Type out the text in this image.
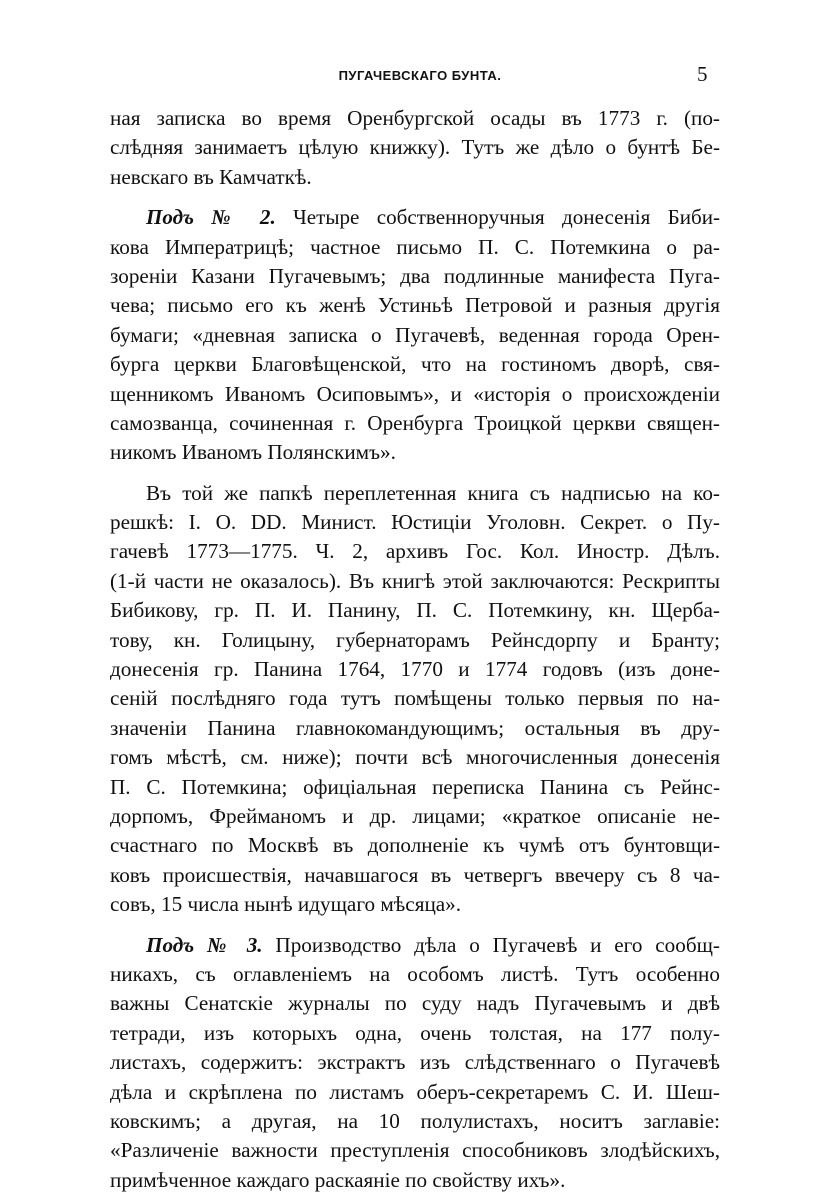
ПУГАЧЕВСКАГО БУНТА.	5
ная записка во время Оренбургской осады въ 1773 г. (по-
слѣдняя занимаетъ цѣлую книжку). Тутъ же дѣло о бунтѣ Бе-
невскаго въ Камчаткѣ.
Подъ № 2. Четыре собственноручныя донесенія Биби-
кова Императрицѣ; частное письмо П. С. Потемкина о ра-
зореніи Казани Пугачевымъ; два подлинные манифеста Пуга-
чева; письмо его къ женѣ Устиньѣ Петровой и разныя другія
бумаги; «дневная записка о Пугачевѣ, веденная города Орен-
бурга церкви Благовѣщенской, что на гостиномъ дворѣ, свя-
щенникомъ Иваномъ Осиповымъ», и «исторія о происхожденіи
самозванца, сочиненная г. Оренбурга Троицкой церкви священ-
никомъ Иваномъ Полянскимъ».
Въ той же папкѣ переплетенная книга съ надписью на ко-
решкѣ: I. O. DD. Минист. Юстиціи Уголовн. Секрет. о Пу-
гачевѣ 1773—1775. Ч. 2, архивъ Гос. Кол. Иностр. Дѣлъ.
(1-й части не оказалось). Въ книгѣ этой заключаются: Рескрипты
Бибикову, гр. П. И. Панину, П. С. Потемкину, кн. Щерба-
тову, кн. Голицыну, губернаторамъ Рейнсдорпу и Бранту;
донесенія гр. Панина 1764, 1770 и 1774 годовъ (изъ доне-
сеній послѣдняго года тутъ помѣщены только первыя по на-
значеніи Панина главнокомандующимъ; остальныя въ дру-
гомъ мѣстѣ, см. ниже); почти всѣ многочисленныя донесенія
П. С. Потемкина; офиціальная переписка Панина съ Рейнс-
дорпомъ, Фрейманомъ и др. лицами; «краткое описаніе не-
счастнаго по Москвѣ въ дополненіе къ чумѣ отъ бунтовщи-
ковъ происшествія, начавшагося въ четвергъ ввечеру съ 8 ча-
совъ, 15 числа нынѣ идущаго мѣсяца».
Подъ № 3. Производство дѣла о Пугачевѣ и его сообщ-
никахъ, съ оглавленіемъ на особомъ листѣ. Тутъ особенно
важны Сенатскіе журналы по суду надъ Пугачевымъ и двѣ
тетради, изъ которыхъ одна, очень толстая, на 177 полу-
листахъ, содержитъ: экстрактъ изъ слѣдственнаго о Пугачевѣ
дѣла и скрѣплена по листамъ оберъ-секретаремъ С. И. Шеш-
ковскимъ; а другая, на 10 полулистахъ, носитъ заглавіе:
«Различеніе важности преступленія способниковъ злодѣйскихъ,
примѣченное каждаго раскаяніе по свойству ихъ».
